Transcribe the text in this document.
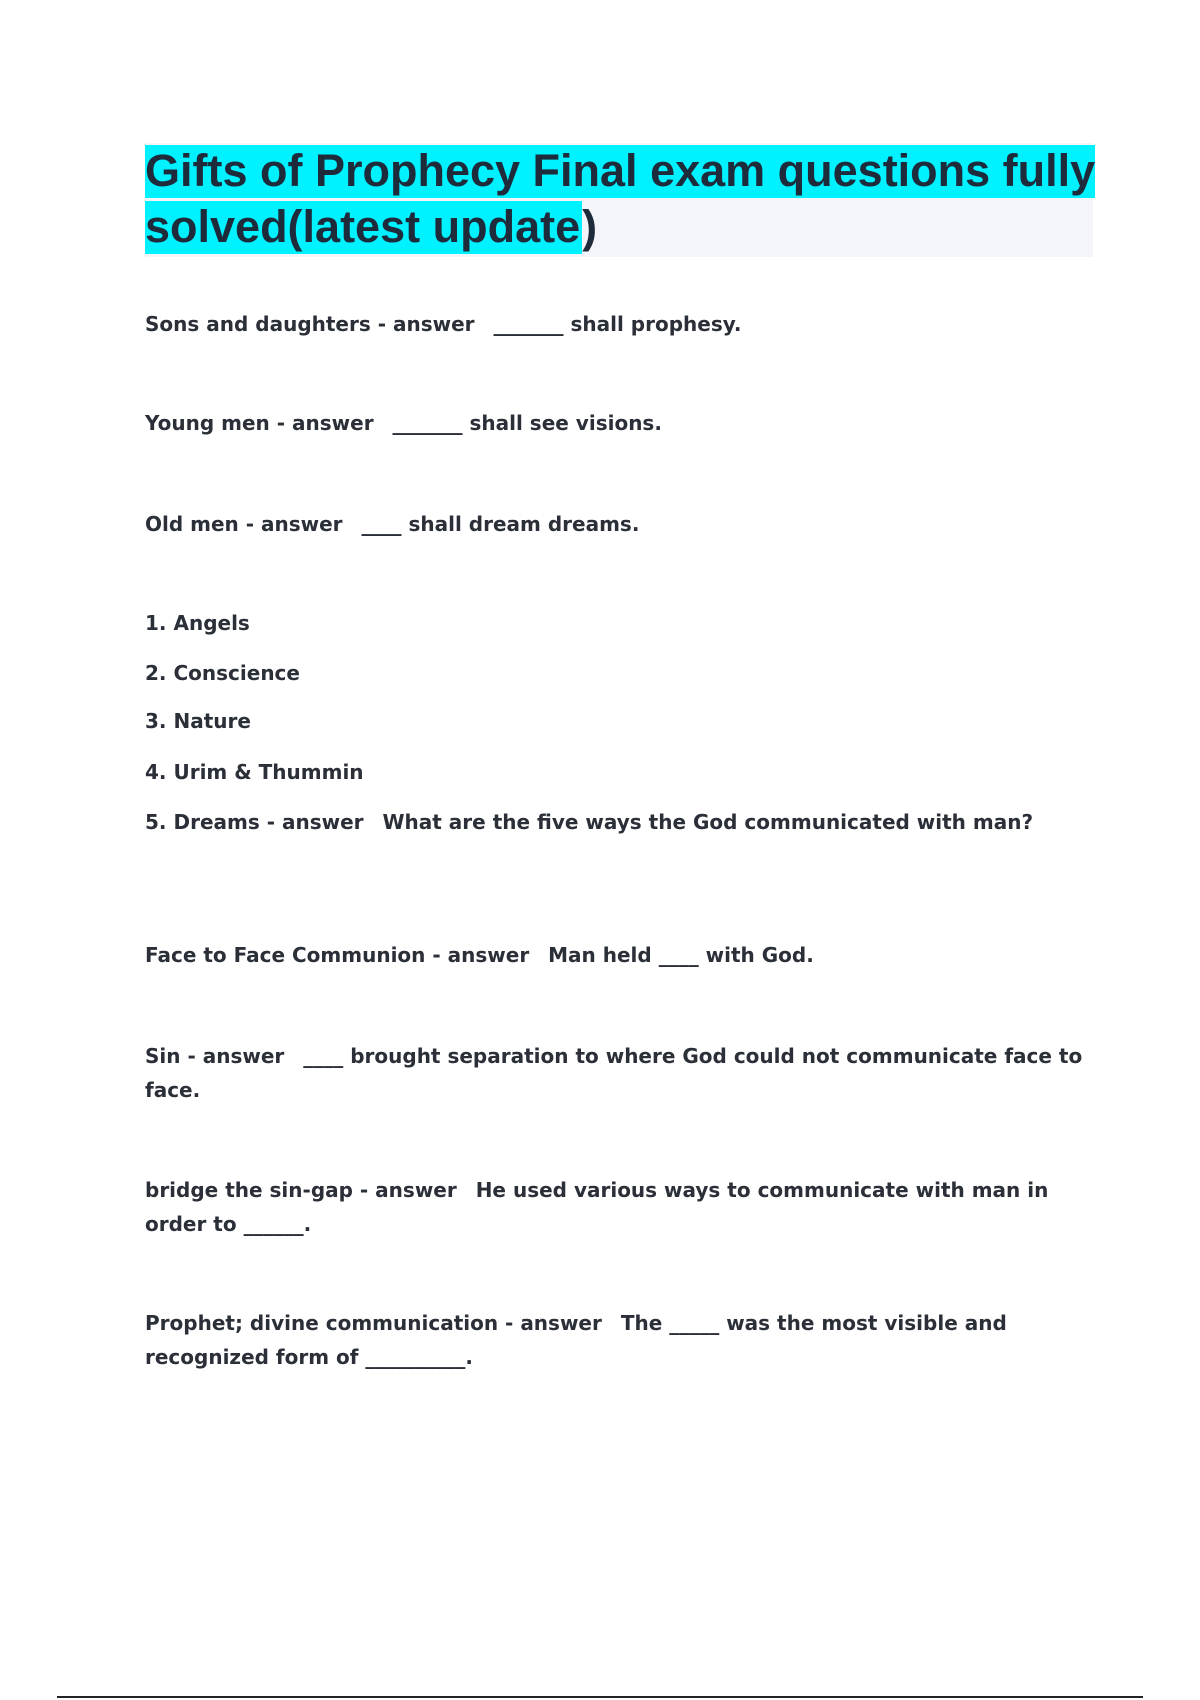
Gifts of Prophecy Final exam questions fully solved(latest update)

Sons and daughters - answer _______ shall prophesy.

Young men - answer _______ shall see visions.

Old men - answer ____ shall dream dreams.

1. Angels

2. Conscience

3. Nature

4. Urim & Thummin

5. Dreams - answer What are the five ways the God communicated with man?

Face to Face Communion - answer Man held ____ with God.

Sin - answer ____ brought separation to where God could not communicate face to face.

bridge the sin-gap - answer He used various ways to communicate with man in order to ______.

Prophet; divine communication - answer The _____ was the most visible and recognized form of __________.
